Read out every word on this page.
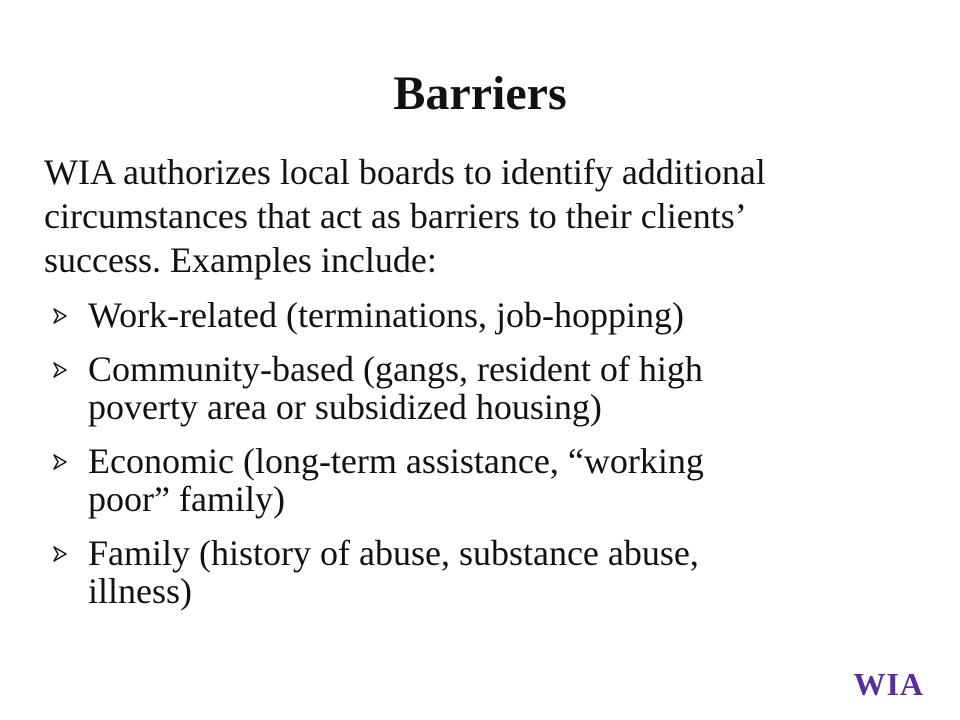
Barriers
WIA authorizes local boards to identify additional
circumstances that act as barriers to their clients’
success. Examples include:
Work-related (terminations, job-hopping)
Community-based (gangs, resident of high
poverty area or subsidized housing)
Economic (long-term assistance, “working
poor” family)
Family (history of abuse, substance abuse,
illness)
WIA
